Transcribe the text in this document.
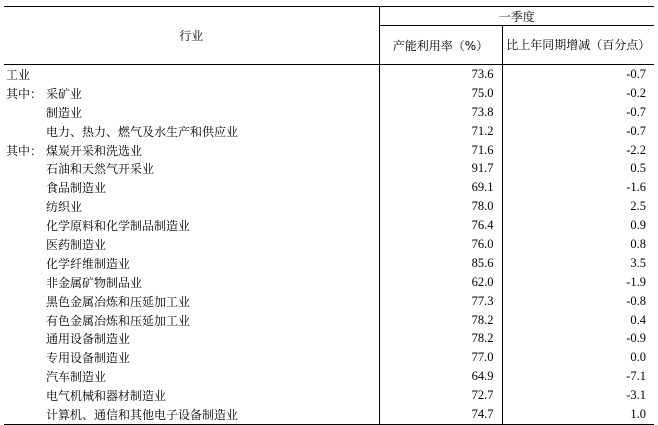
行业	一季度	
	产能利用率（%）	比上年同期增减（百分点）
工业	73.6	-0.7
其中： 采矿业	75.0	-0.2
制造业	73.8	-0.7
电力、热力、燃气及水生产和供应业	71.2	-0.7
其中： 煤炭开采和洗选业	71.6	-2.2
石油和天然气开采业	91.7	0.5
食品制造业	69.1	-1.6
纺织业	78.0	2.5
化学原料和化学制品制造业	76.4	0.9
医药制造业	76.0	0.8
化学纤维制造业	85.6	3.5
非金属矿物制品业	62.0	-1.9
黑色金属冶炼和压延加工业	77.3	-0.8
有色金属冶炼和压延加工业	78.2	0.4
通用设备制造业	78.2	-0.9
专用设备制造业	77.0	0.0
汽车制造业	64.9	-7.1
电气机械和器材制造业	72.7	-3.1
计算机、通信和其他电子设备制造业	74.7	1.0
